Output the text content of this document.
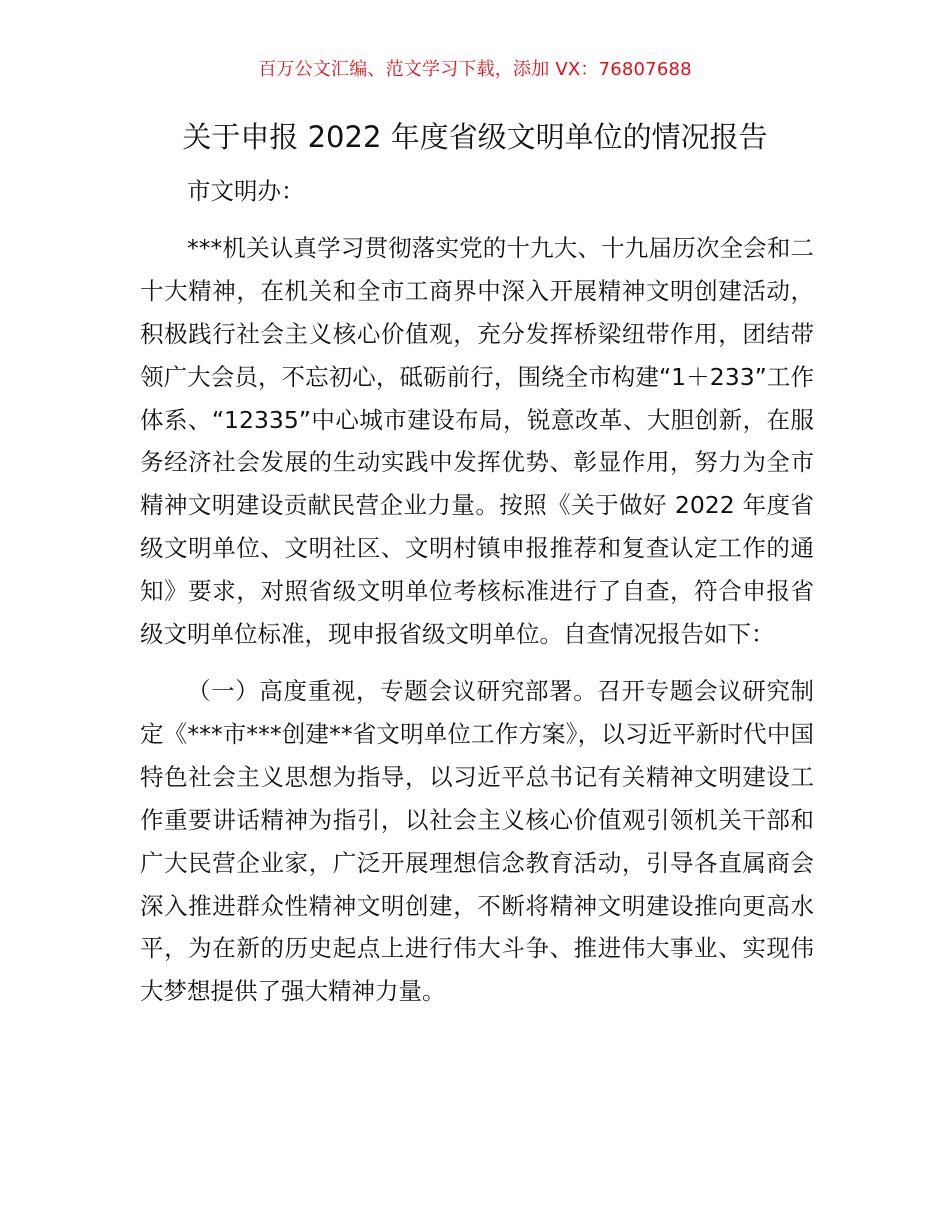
百万公文汇编、范文学习下载，添加 VX：76807688
关于申报 2022 年度省级文明单位的情况报告

市文明办：

***机关认真学习贯彻落实党的十九大、十九届历次全会和二十大精神，在机关和全市工商界中深入开展精神文明创建活动，积极践行社会主义核心价值观，充分发挥桥梁纽带作用，团结带领广大会员，不忘初心，砥砺前行，围绕全市构建“1＋233”工作体系、“12335”中心城市建设布局，锐意改革、大胆创新，在服务经济社会发展的生动实践中发挥优势、彰显作用，努力为全市精神文明建设贡献民营企业力量。按照《关于做好 2022 年度省级文明单位、文明社区、文明村镇申报推荐和复查认定工作的通知》要求，对照省级文明单位考核标准进行了自查，符合申报省级文明单位标准，现申报省级文明单位。自查情况报告如下：

（一）高度重视，专题会议研究部署。召开专题会议研究制定《***市***创建**省文明单位工作方案》，以习近平新时代中国特色社会主义思想为指导，以习近平总书记有关精神文明建设工作重要讲话精神为指引，以社会主义核心价值观引领机关干部和广大民营企业家，广泛开展理想信念教育活动，引导各直属商会深入推进群众性精神文明创建，不断将精神文明建设推向更高水平，为在新的历史起点上进行伟大斗争、推进伟大事业、实现伟大梦想提供了强大精神力量。
